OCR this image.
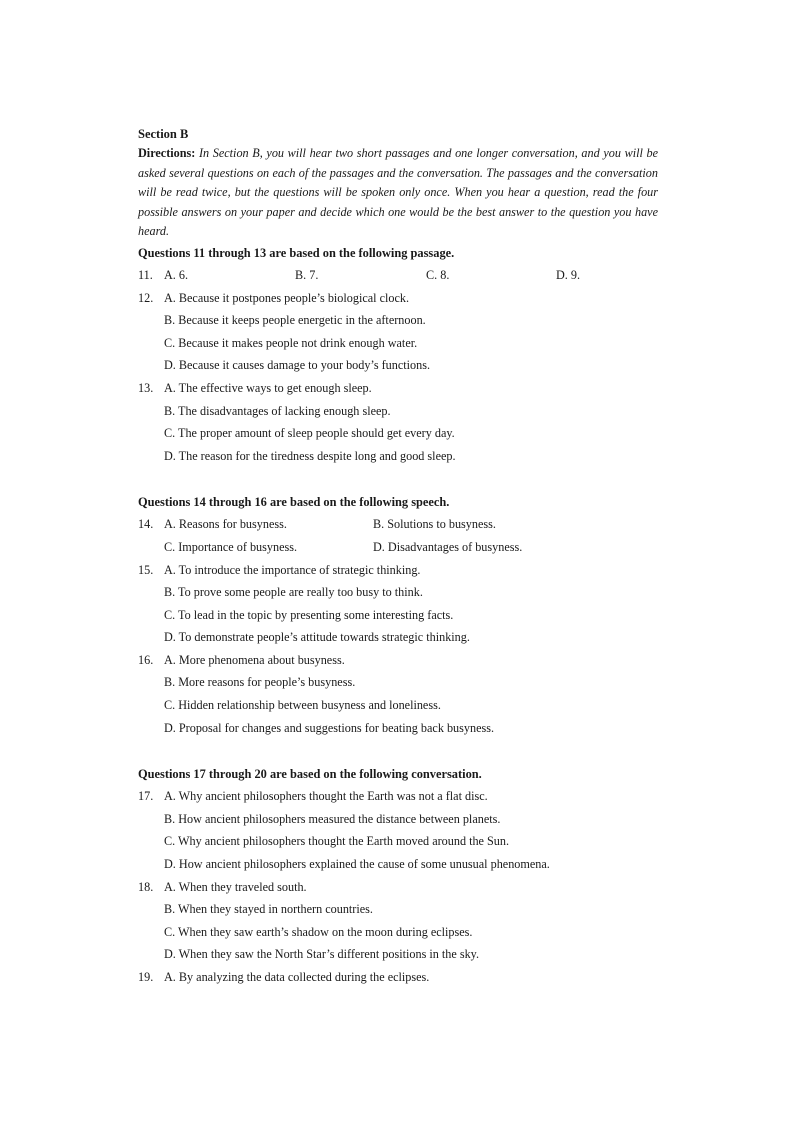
Section B
Directions: In Section B, you will hear two short passages and one longer conversation, and you will be asked several questions on each of the passages and the conversation. The passages and the conversation will be read twice, but the questions will be spoken only once. When you hear a question, read the four possible answers on your paper and decide which one would be the best answer to the question you have heard.
Questions 11 through 13 are based on the following passage.
11. A. 6.	B. 7.	C. 8.	D. 9.
12. A. Because it postpones people’s biological clock.
B. Because it keeps people energetic in the afternoon.
C. Because it makes people not drink enough water.
D. Because it causes damage to your body’s functions.
13. A. The effective ways to get enough sleep.
B. The disadvantages of lacking enough sleep.
C. The proper amount of sleep people should get every day.
D. The reason for the tiredness despite long and good sleep.
Questions 14 through 16 are based on the following speech.
14. A. Reasons for busyness.	B. Solutions to busyness.
C. Importance of busyness.	D. Disadvantages of busyness.
15. A. To introduce the importance of strategic thinking.
B. To prove some people are really too busy to think.
C. To lead in the topic by presenting some interesting facts.
D. To demonstrate people’s attitude towards strategic thinking.
16. A. More phenomena about busyness.
B. More reasons for people’s busyness.
C. Hidden relationship between busyness and loneliness.
D. Proposal for changes and suggestions for beating back busyness.
Questions 17 through 20 are based on the following conversation.
17. A. Why ancient philosophers thought the Earth was not a flat disc.
B. How ancient philosophers measured the distance between planets.
C. Why ancient philosophers thought the Earth moved around the Sun.
D. How ancient philosophers explained the cause of some unusual phenomena.
18. A. When they traveled south.
B. When they stayed in northern countries.
C. When they saw earth’s shadow on the moon during eclipses.
D. When they saw the North Star’s different positions in the sky.
19. A. By analyzing the data collected during the eclipses.
